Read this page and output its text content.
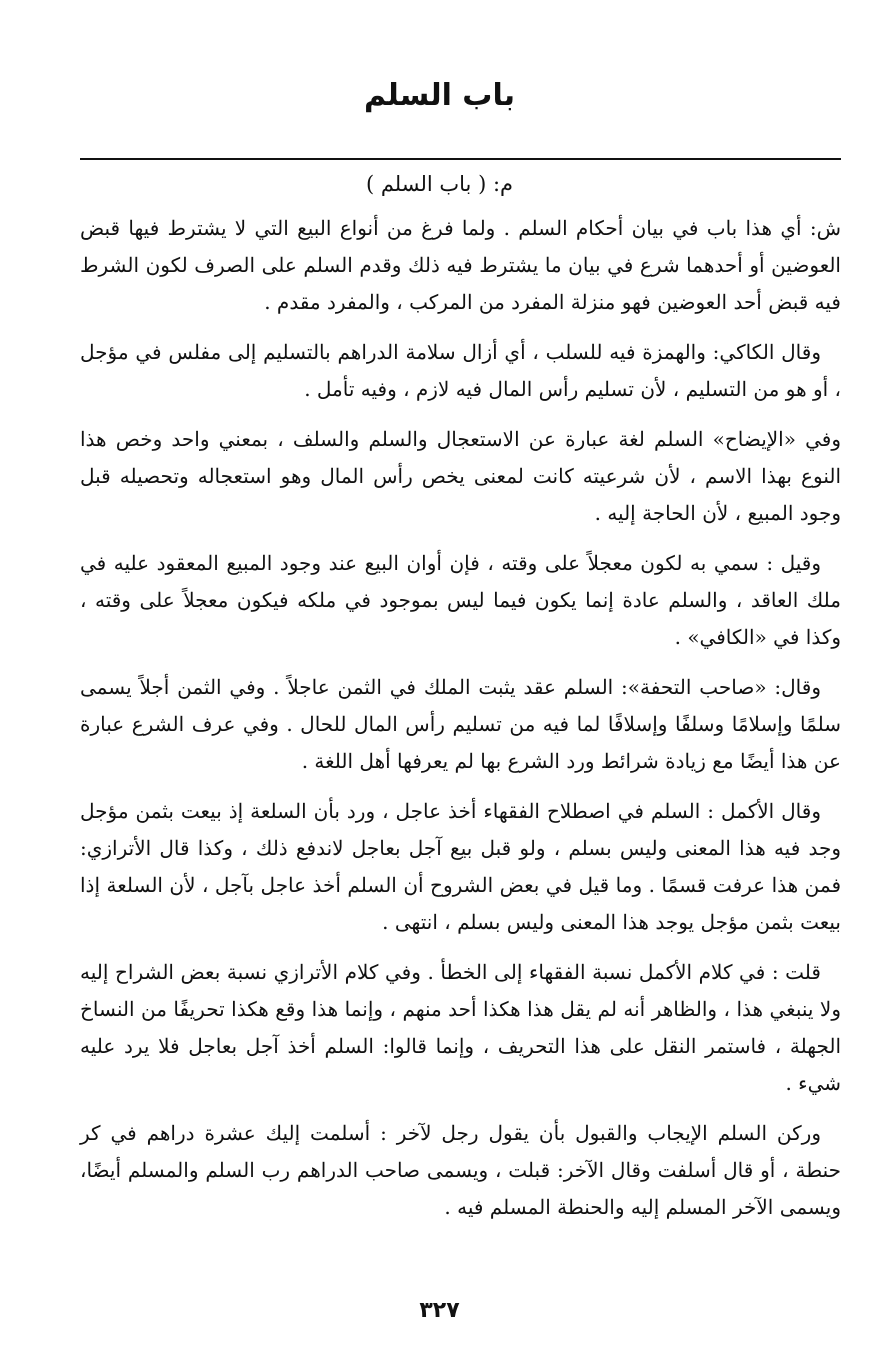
باب السلم
م: ( باب السلم )

ش: أي هذا باب في بيان أحكام السلم . ولما فرغ من أنواع البيع التي لا يشترط فيها قبض العوضين أو أحدهما شرع في بيان ما يشترط فيه ذلك وقدم السلم على الصرف لكون الشرط فيه قبض أحد العوضين فهو منزلة المفرد من المركب ، والمفرد مقدم .

وقال الكاكي: والهمزة فيه للسلب ، أي أزال سلامة الدراهم بالتسليم إلى مفلس في مؤجل ، أو هو من التسليم ، لأن تسليم رأس المال فيه لازم ، وفيه تأمل .

وفي «الإيضاح» السلم لغة عبارة عن الاستعجال والسلم والسلف ، بمعني واحد وخص هذا النوع بهذا الاسم ، لأن شرعيته كانت لمعنى يخص رأس المال وهو استعجاله وتحصيله قبل وجود المبيع ، لأن الحاجة إليه .

وقيل : سمي به لكون معجلاً على وقته ، فإن أوان البيع عند وجود المبيع المعقود عليه في ملك العاقد ، والسلم عادة إنما يكون فيما ليس بموجود في ملكه فيكون معجلاً على وقته ، وكذا في «الكافي» .

وقال: «صاحب التحفة»: السلم عقد يثبت الملك في الثمن عاجلاً . وفي الثمن أجلاً يسمى سلمًا وإسلامًا وسلفًا وإسلافًا لما فيه من تسليم رأس المال للحال . وفي عرف الشرع عبارة عن هذا أيضًا مع زيادة شرائط ورد الشرع بها لم يعرفها أهل اللغة .

وقال الأكمل : السلم في اصطلاح الفقهاء أخذ عاجل ، ورد بأن السلعة إذ بيعت بثمن مؤجل وجد فيه هذا المعنى وليس بسلم ، ولو قبل بيع آجل بعاجل لاندفع ذلك ، وكذا قال الأترازي: فمن هذا عرفت قسمًا . وما قيل في بعض الشروح أن السلم أخذ عاجل بآجل ، لأن السلعة إذا بيعت بثمن مؤجل يوجد هذا المعنى وليس بسلم ، انتهى .

قلت : في كلام الأكمل نسبة الفقهاء إلى الخطأ . وفي كلام الأترازي نسبة بعض الشراح إليه ولا ينبغي هذا ، والظاهر أنه لم يقل هذا هكذا أحد منهم ، وإنما هذا وقع هكذا تحريفًا من النساخ الجهلة ، فاستمر النقل على هذا التحريف ، وإنما قالوا: السلم أخذ آجل بعاجل فلا يرد عليه شيء .

وركن السلم الإيجاب والقبول بأن يقول رجل لآخر : أسلمت إليك عشرة دراهم في كر حنطة ، أو قال أسلفت وقال الآخر: قبلت ، ويسمى صاحب الدراهم رب السلم والمسلم أيضًا، ويسمى الآخر المسلم إليه والحنطة المسلم فيه .

٣٢٧
